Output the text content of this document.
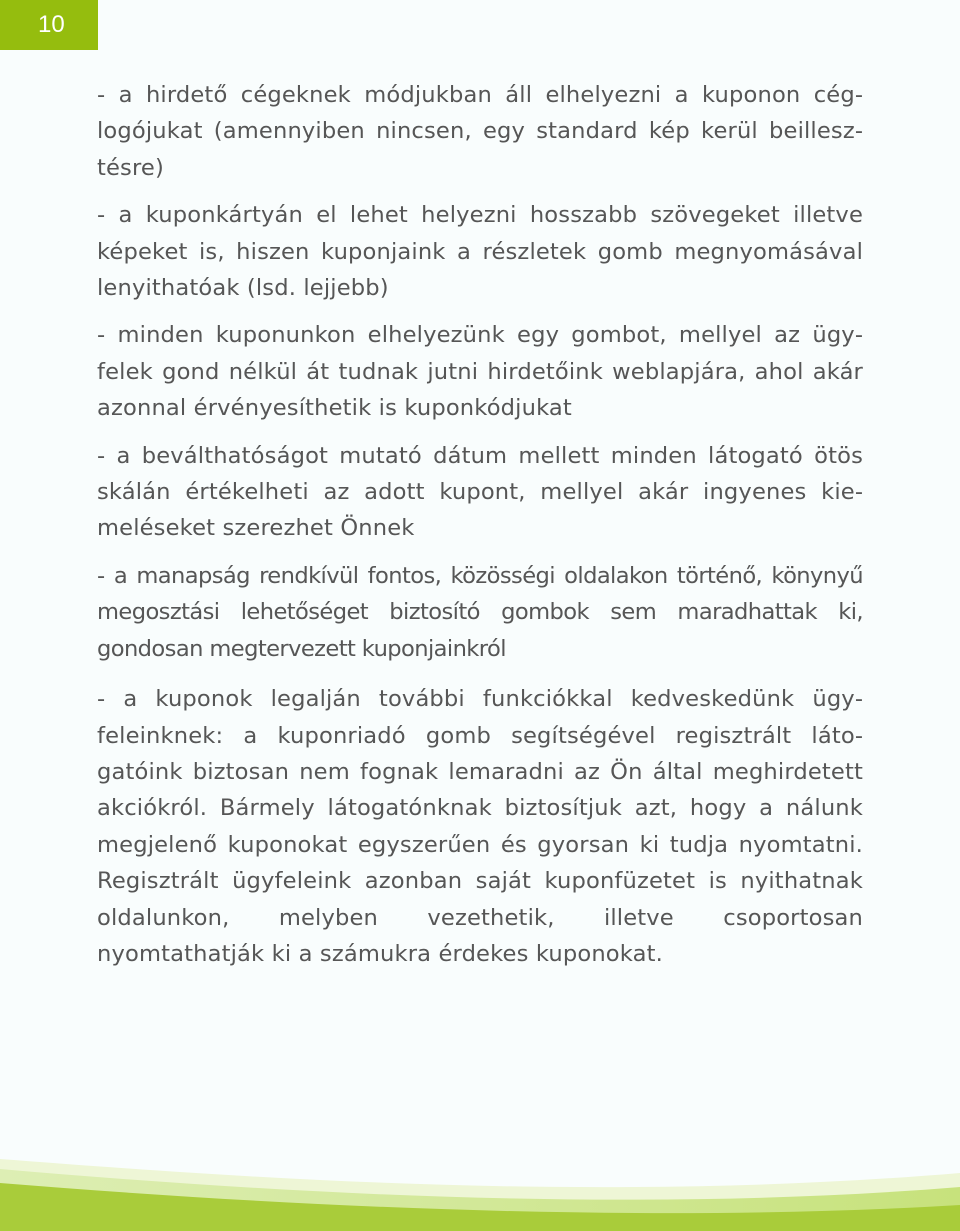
10

- a hirdető cégeknek módjukban áll elhelyezni a kuponon céglogójukat (amennyiben nincsen, egy standard kép kerül beillesztésre)

- a kuponkártyán el lehet helyezni hosszabb szövegeket illetve képeket is, hiszen kuponjaink a részletek gomb megnyomásával lenyithatóak (lsd. lejjebb)

- minden kuponunkon elhelyezünk egy gombot, mellyel az ügyfelek gond nélkül át tudnak jutni hirdetőink weblapjára, ahol akár azonnal érvényesíthetik is kuponkódjukat

- a beválthatóságot mutató dátum mellett minden látogató ötös skálán értékelheti az adott kupont, mellyel akár ingyenes kiemeléseket szerezhet Önnek

- a manapság rendkívül fontos, közösségi oldalakon történő, könynyű megosztási lehetőséget biztosító gombok sem maradhattak ki, gondosan megtervezett kuponjainkról

- a kuponok legalján további funkciókkal kedveskedünk ügyfeleinknek: a kuponriadó gomb segítségével regisztrált látogatóink biztosan nem fognak lemaradni az Ön által meghirdetett akciókról. Bármely látogatónknak biztosítjuk azt, hogy a nálunk megjelenő kuponokat egyszerűen és gyorsan ki tudja nyomtatni. Regisztrált ügyfeleink azonban saját kuponfüzetet is nyithatnak oldalunkon, melyben vezethetik, illetve csoportosan nyomtathatják ki a számukra érdekes kuponokat.
